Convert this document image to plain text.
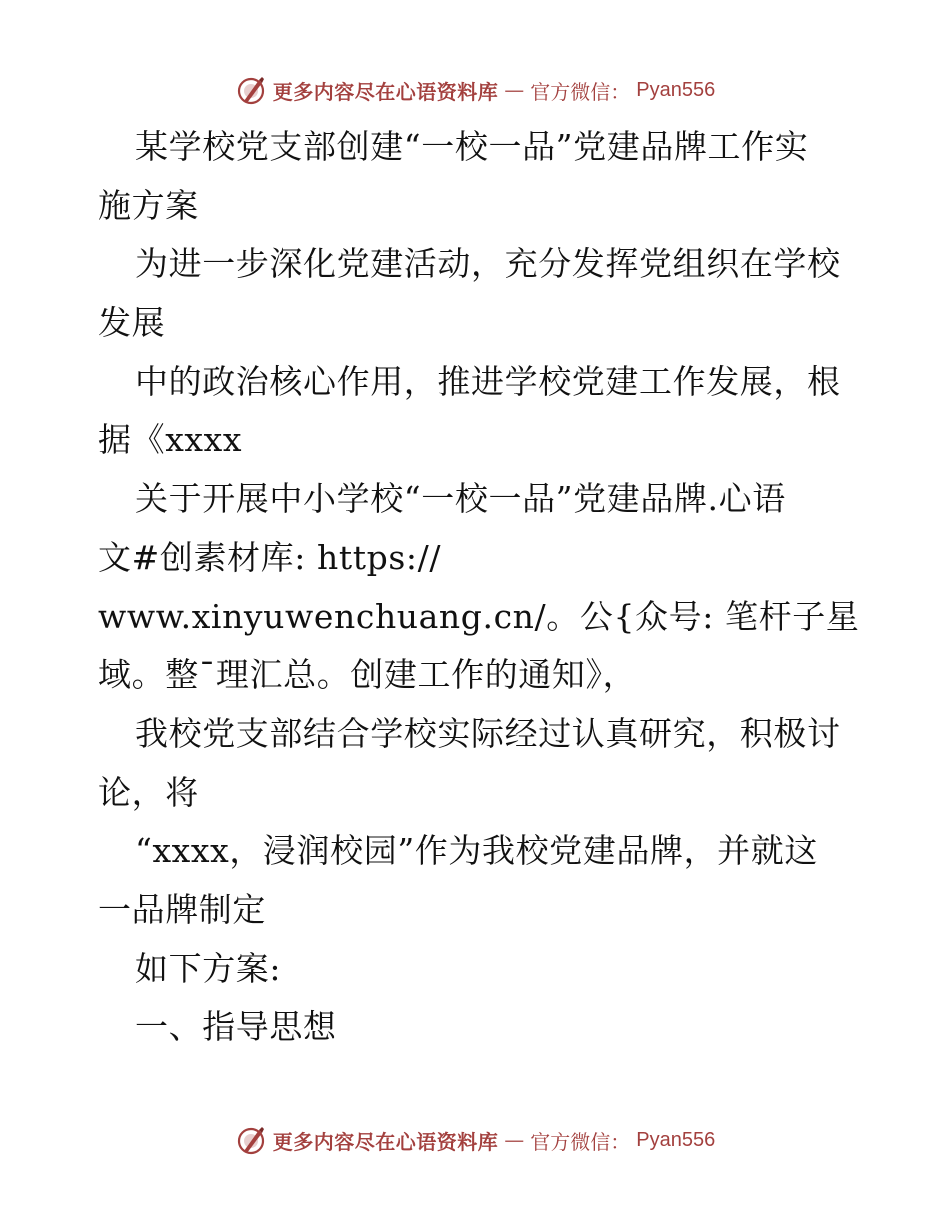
更多内容尽在心语资料库 — 官方微信： Pyan556
某学校党支部创建“一校一品”党建品牌工作实
施方案
为进一步深化党建活动，充分发挥党组织在学校
发展
中的政治核心作用，推进学校党建工作发展，根
据《xxxx
关于开展中小学校“一校一品”党建品牌.心语
文#创素材库: https://
www.xinyuwenchuang.cn/。公{众号: 笔杆子星
域。整¯理汇总。创建工作的通知》，
我校党支部结合学校实际经过认真研究，积极讨
论，将
“xxxx，浸润校园”作为我校党建品牌，并就这
一品牌制定
如下方案:
一、指导思想
更多内容尽在心语资料库 — 官方微信： Pyan556
